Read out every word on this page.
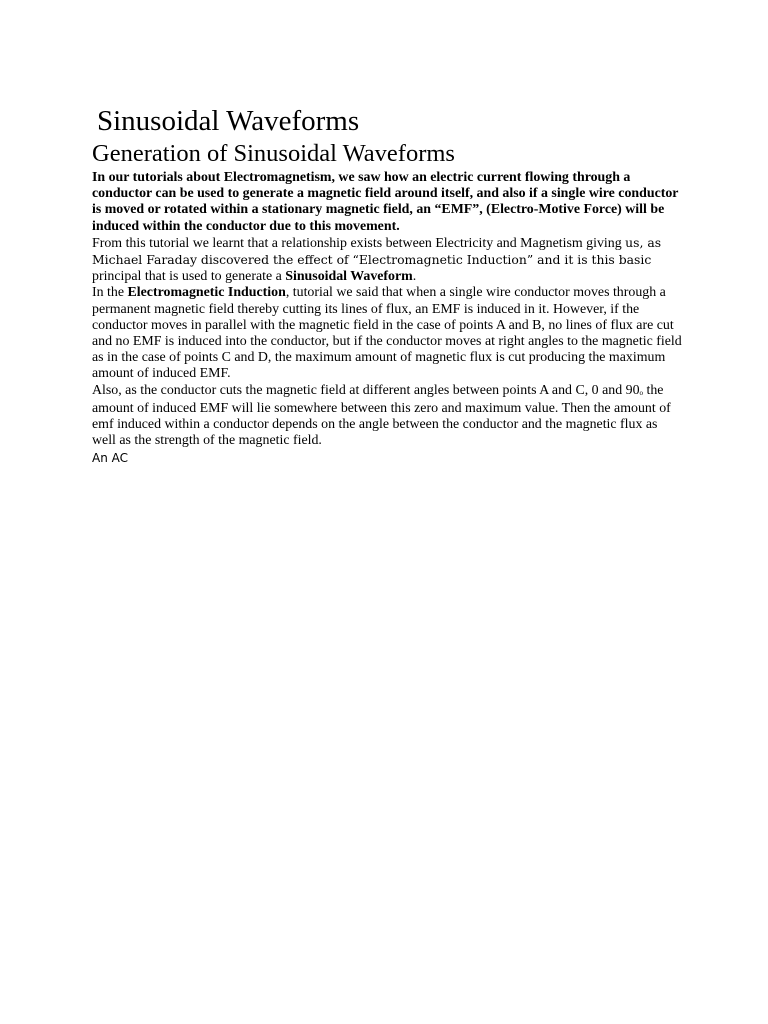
Sinusoidal Waveforms
Generation of Sinusoidal Waveforms

In our tutorials about Electromagnetism, we saw how an electric current flowing through a conductor can be used to generate a magnetic field around itself, and also if a single wire conductor is moved or rotated within a stationary magnetic field, an “EMF”, (Electro-Motive Force) will be induced within the conductor due to this movement.

From this tutorial we learnt that a relationship exists between Electricity and Magnetism giving us, as Michael Faraday discovered the effect of “Electromagnetic Induction” and it is this basic principal that is used to generate a Sinusoidal Waveform.

In the Electromagnetic Induction, tutorial we said that when a single wire conductor moves through a permanent magnetic field thereby cutting its lines of flux, an EMF is induced in it. However, if the conductor moves in parallel with the magnetic field in the case of points A and B, no lines of flux are cut and no EMF is induced into the conductor, but if the conductor moves at right angles to the magnetic field as in the case of points C and D, the maximum amount of magnetic flux is cut producing the maximum amount of induced EMF.

Also, as the conductor cuts the magnetic field at different angles between points A and C, 0 and 90o the amount of induced EMF will lie somewhere between this zero and maximum value. Then the amount of emf induced within a conductor depends on the angle between the conductor and the magnetic flux as well as the strength of the magnetic field.

An AC
